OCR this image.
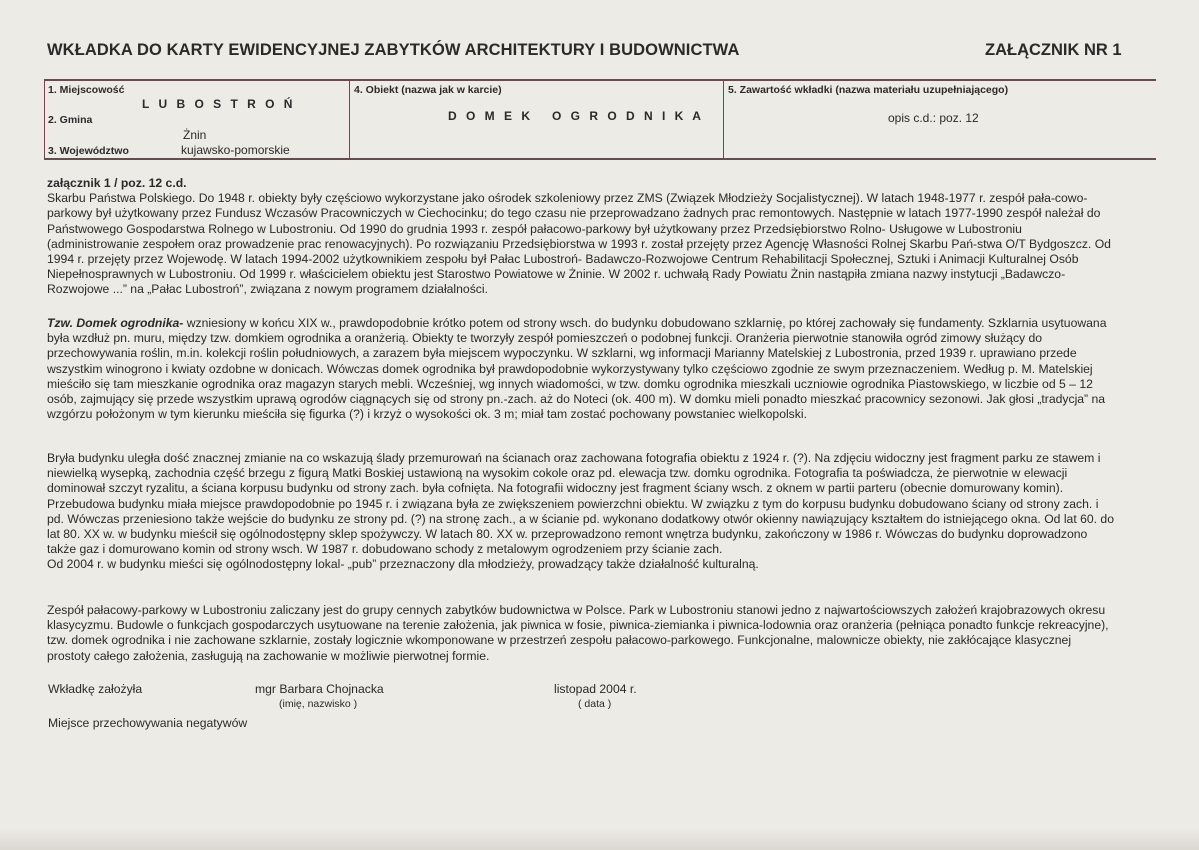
WKŁADKA DO KARTY EWIDENCYJNEJ ZABYTKÓW ARCHITEKTURY I BUDOWNICTWA	ZAŁĄCZNIK NR 1
1. Miejscowość
L U B O S T R O Ń
2. Gmina
Żnin
3. Województwo	kujawsko-pomorskie
4. Obiekt (nazwa jak w karcie)
D O M E K   O G R O D N I K A
5. Zawartość wkładki (nazwa materiału uzupełniającego)
opis c.d.: poz. 12

załącznik 1 / poz. 12 c.d.

Skarbu Państwa Polskiego. Do 1948 r. obiekty były częściowo wykorzystane jako ośrodek szkoleniowy przez ZMS (Związek Młodzieży Socjalistycznej). W latach 1948-1977 r. zespół pała-cowo-parkowy był użytkowany przez Fundusz Wczasów Pracowniczych w Ciechocinku; do tego czasu nie przeprowadzano żadnych prac remontowych. Następnie w latach 1977-1990 zespół należał do Państwowego Gospodarstwa Rolnego w Lubostroniu. Od 1990 do grudnia 1993 r. zespół pałacowo-parkowy był użytkowany przez Przedsiębiorstwo Rolno- Usługowe w Lubostroniu (administrowanie zespołem oraz prowadzenie prac renowacyjnych). Po rozwiązaniu Przedsiębiorstwa w 1993 r. został przejęty przez Agencję Własności Rolnej Skarbu Pań-stwa O/T Bydgoszcz. Od 1994 r. przejęty przez Wojewodę. W latach 1994-2002 użytkownikiem zespołu był Pałac Lubostroń- Badawczo-Rozwojowe Centrum Rehabilitacji Społecznej, Sztuki i Animacji Kulturalnej Osób Niepełnosprawnych w Lubostroniu. Od 1999 r. właścicielem obiektu jest Starostwo Powiatowe w Żninie. W 2002 r. uchwałą Rady Powiatu Żnin nastąpiła zmiana nazwy instytucji „Badawczo-Rozwojowe ...” na „Pałac Lubostroń”, związana z nowym programem działalności.

Tzw. Domek ogrodnika- wzniesiony w końcu XIX w., prawdopodobnie krótko potem od strony wsch. do budynku dobudowano szklarnię, po której zachowały się fundamenty. Szklarnia usytuowana była wzdłuż pn. muru, między tzw. domkiem ogrodnika a oranżerią. Obiekty te tworzyły zespół pomieszczeń o podobnej funkcji. Oranżeria pierwotnie stanowiła ogród zimowy służący do przechowywania roślin, m.in. kolekcji roślin południowych, a zarazem była miejscem wypoczynku. W szklarni, wg informacji Marianny Matelskiej z Lubostronia, przed 1939 r. uprawiano przede wszystkim winogrono i kwiaty ozdobne w donicach. Wówczas domek ogrodnika był prawdopodobnie wykorzystywany tylko częściowo zgodnie ze swym przeznaczeniem. Według p. M. Matelskiej mieściło się tam mieszkanie ogrodnika oraz magazyn starych mebli. Wcześniej, wg innych wiadomości, w tzw. domku ogrodnika mieszkali uczniowie ogrodnika Piastowskiego, w liczbie od 5 – 12 osób, zajmujący się przede wszystkim uprawą ogrodów ciągnących się od strony pn.-zach. aż do Noteci (ok. 400 m). W domku mieli ponadto mieszkać pracownicy sezonowi. Jak głosi „tradycja” na wzgórzu położonym w tym kierunku mieściła się figurka (?) i krzyż o wysokości ok. 3 m; miał tam zostać pochowany powstaniec wielkopolski.

Bryła budynku uległa dość znacznej zmianie na co wskazują ślady przemurowań na ścianach oraz zachowana fotografia obiektu z 1924 r. (?). Na zdjęciu widoczny jest fragment parku ze stawem i niewielką wysepką, zachodnia część brzegu z figurą Matki Boskiej ustawioną na wysokim cokole oraz pd. elewacja tzw. domku ogrodnika. Fotografia ta poświadcza, że pierwotnie w elewacji dominował szczyt ryzalitu, a ściana korpusu budynku od strony zach. była cofnięta. Na fotografii widoczny jest fragment ściany wsch. z oknem w partii parteru (obecnie domurowany komin). Przebudowa budynku miała miejsce prawdopodobnie po 1945 r. i związana była ze zwiększeniem powierzchni obiektu. W związku z tym do korpusu budynku dobudowano ściany od strony zach. i pd. Wówczas przeniesiono także wejście do budynku ze strony pd. (?) na stronę zach., a w ścianie pd. wykonano dodatkowy otwór okienny nawiązujący kształtem do istniejącego okna. Od lat 60. do lat 80. XX w. w budynku mieścił się ogólnodostępny sklep spożywczy. W latach 80. XX w. przeprowadzono remont wnętrza budynku, zakończony w 1986 r. Wówczas do budynku doprowadzono także gaz i domurowano komin od strony wsch. W 1987 r. dobudowano schody z metalowym ogrodzeniem przy ścianie zach.

Od 2004 r. w budynku mieści się ogólnodostępny lokal- „pub” przeznaczony dla młodzieży, prowadzący także działalność kulturalną.

Zespół pałacowy-parkowy w Lubostroniu zaliczany jest do grupy cennych zabytków budownictwa w Polsce. Park w Lubostroniu stanowi jedno z najwartościowszych założeń krajobrazowych okresu klasycyzmu. Budowle o funkcjach gospodarczych usytuowane na terenie założenia, jak piwnica w fosie, piwnica-ziemianka i piwnica-lodownia oraz oranżeria (pełniąca ponadto funkcje rekreacyjne), tzw. domek ogrodnika i nie zachowane szklarnie, zostały logicznie wkomponowane w przestrzeń zespołu pałacowo-parkowego. Funkcjonalne, malownicze obiekty, nie zakłócające klasycznej prostoty całego założenia, zasługują na zachowanie w możliwie pierwotnej formie.

Wkładkę założyła	mgr Barbara Chojnacka
(imię, nazwisko )
listopad 2004 r.
( data )
Miejsce przechowywania negatywów
